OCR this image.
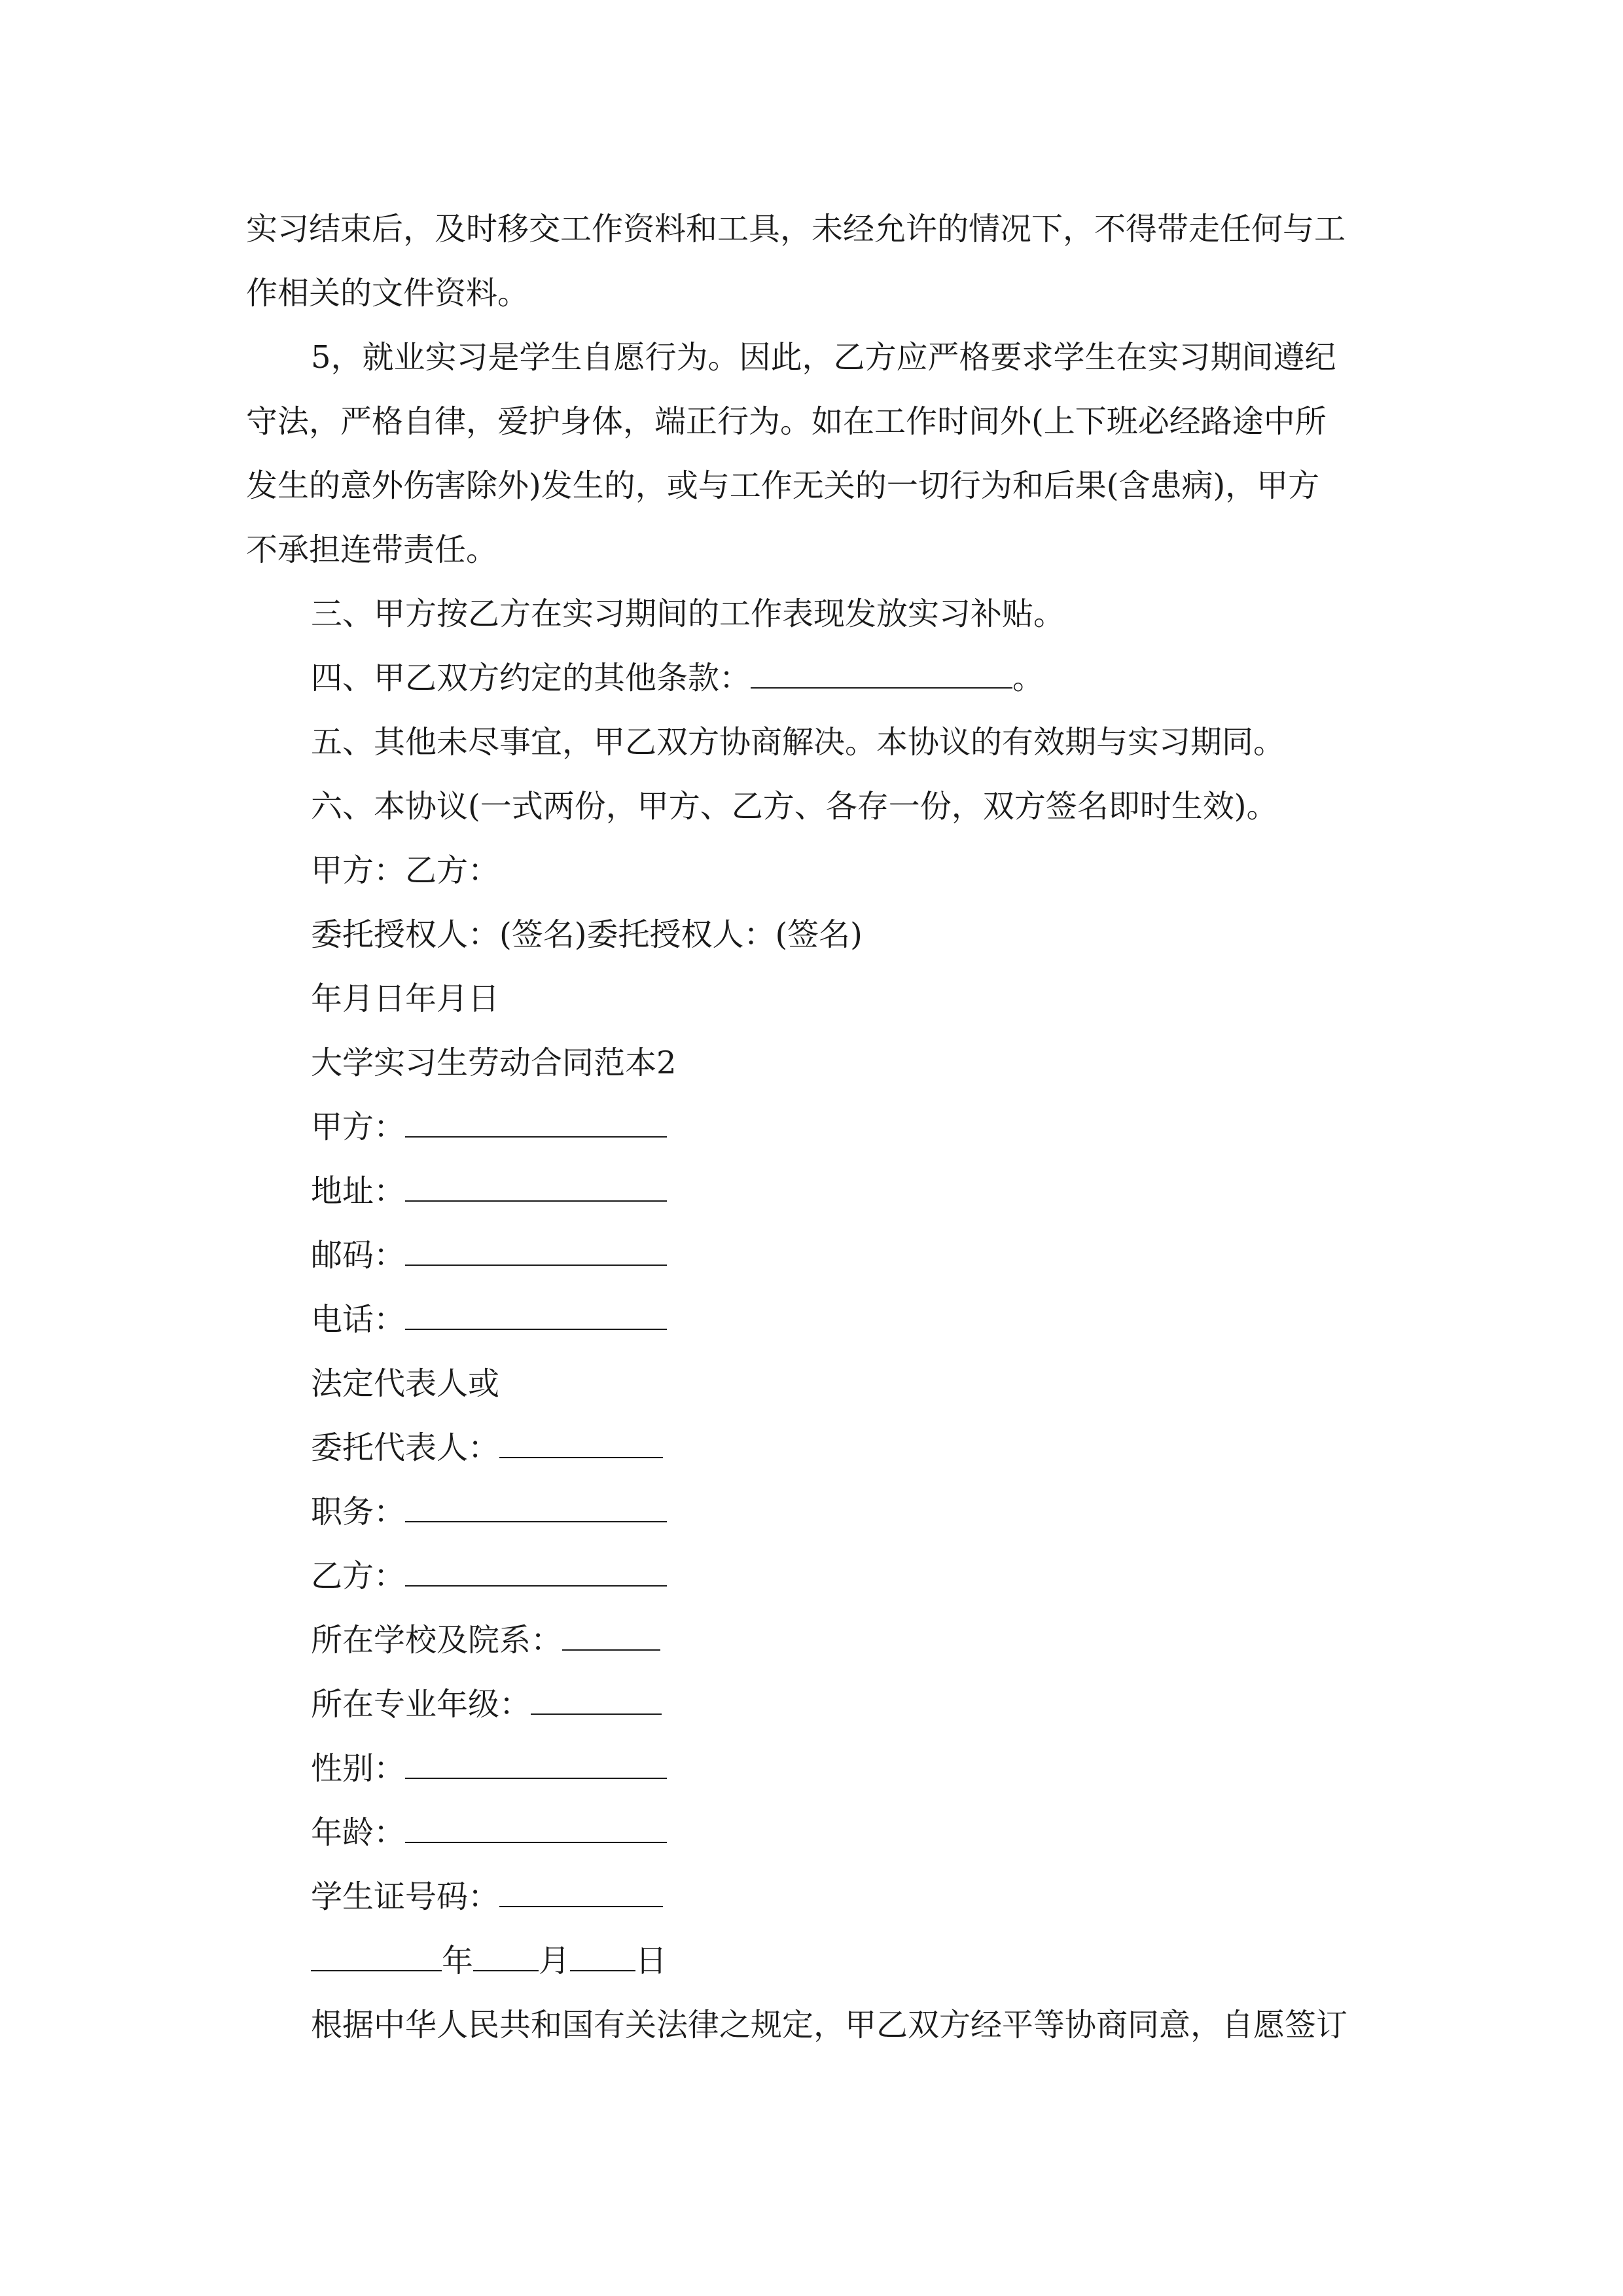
实习结束后，及时移交工作资料和工具，未经允许的情况下，不得带走任何与工
作相关的文件资料。
5，就业实习是学生自愿行为。因此，乙方应严格要求学生在实习期间遵纪
守法，严格自律，爱护身体，端正行为。如在工作时间外(上下班必经路途中所
发生的意外伤害除外)发生的，或与工作无关的一切行为和后果(含患病)，甲方
不承担连带责任。
三、甲方按乙方在实习期间的工作表现发放实习补贴。
四、甲乙双方约定的其他条款：	。
五、其他未尽事宜，甲乙双方协商解决。本协议的有效期与实习期同。
六、本协议(一式两份，甲方、乙方、各存一份，双方签名即时生效)。
甲方：乙方：
委托授权人：(签名)委托授权人：(签名)
年月日年月日
大学实习生劳动合同范本2
甲方：
地址：
邮码：
电话：
法定代表人或
委托代表人：
职务：
乙方：
所在学校及院系：
所在专业年级：
性别：
年龄：
学生证号码：
年 月 日
根据中华人民共和国有关法律之规定，甲乙双方经平等协商同意，自愿签订
